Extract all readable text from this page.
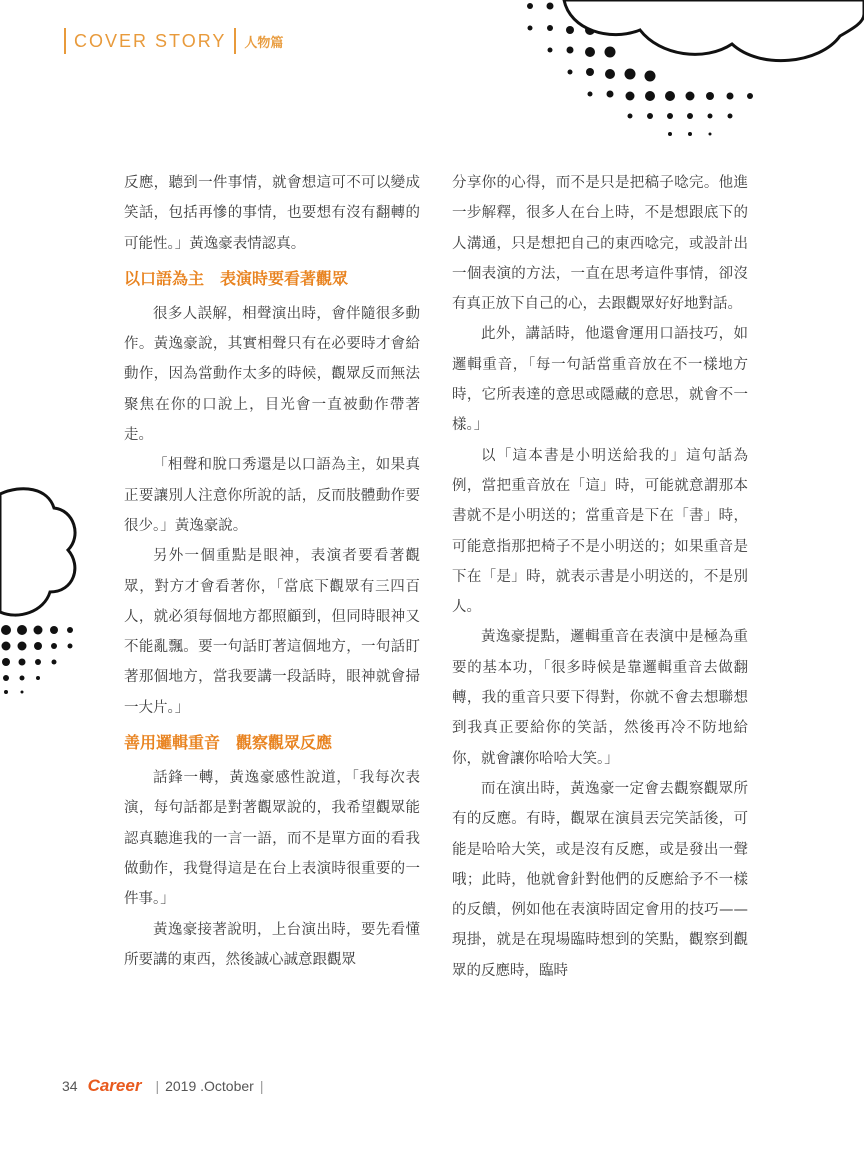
COVER STORY 人物篇

反應，聽到一件事情，就會想這可不可以變成笑話，包括再慘的事情，也要想有沒有翻轉的可能性。」黃逸豪表情認真。

以口語為主　表演時要看著觀眾

很多人誤解，相聲演出時，會伴隨很多動作。黃逸豪說，其實相聲只有在必要時才會給動作，因為當動作太多的時候，觀眾反而無法聚焦在你的口說上，目光會一直被動作帶著走。

「相聲和脫口秀還是以口語為主，如果真正要讓別人注意你所說的話，反而肢體動作要很少。」黃逸豪說。

另外一個重點是眼神，表演者要看著觀眾，對方才會看著你，「當底下觀眾有三四百人，就必須每個地方都照顧到，但同時眼神又不能亂飄。要一句話盯著這個地方，一句話盯著那個地方，當我要講一段話時，眼神就會掃一大片。」

善用邏輯重音　觀察觀眾反應

話鋒一轉，黃逸豪感性說道，「我每次表演，每句話都是對著觀眾說的，我希望觀眾能認真聽進我的一言一語，而不是單方面的看我做動作，我覺得這是在台上表演時很重要的一件事。」

黃逸豪接著說明，上台演出時，要先看懂所要講的東西，然後誠心誠意跟觀眾

分享你的心得，而不是只是把稿子唸完。他進一步解釋，很多人在台上時，不是想跟底下的人溝通，只是想把自己的東西唸完，或設計出一個表演的方法，一直在思考這件事情，卻沒有真正放下自己的心，去跟觀眾好好地對話。

此外，講話時，他還會運用口語技巧，如邏輯重音，「每一句話當重音放在不一樣地方時，它所表達的意思或隱藏的意思，就會不一樣。」

以「這本書是小明送給我的」這句話為例，當把重音放在「這」時，可能就意謂那本書就不是小明送的；當重音是下在「書」時，可能意指那把椅子不是小明送的；如果重音是下在「是」時，就表示書是小明送的，不是別人。

黃逸豪提點，邏輯重音在表演中是極為重要的基本功，「很多時候是靠邏輯重音去做翻轉，我的重音只要下得對，你就不會去想聯想到我真正要給你的笑話，然後再冷不防地給你，就會讓你哈哈大笑。」

而在演出時，黃逸豪一定會去觀察觀眾所有的反應。有時，觀眾在演員丟完笑話後，可能是哈哈大笑，或是沒有反應，或是發出一聲哦；此時，他就會針對他們的反應給予不一樣的反饋，例如他在表演時固定會用的技巧——現掛，就是在現場臨時想到的笑點，觀察到觀眾的反應時，臨時

34 Career | 2019 .October |
